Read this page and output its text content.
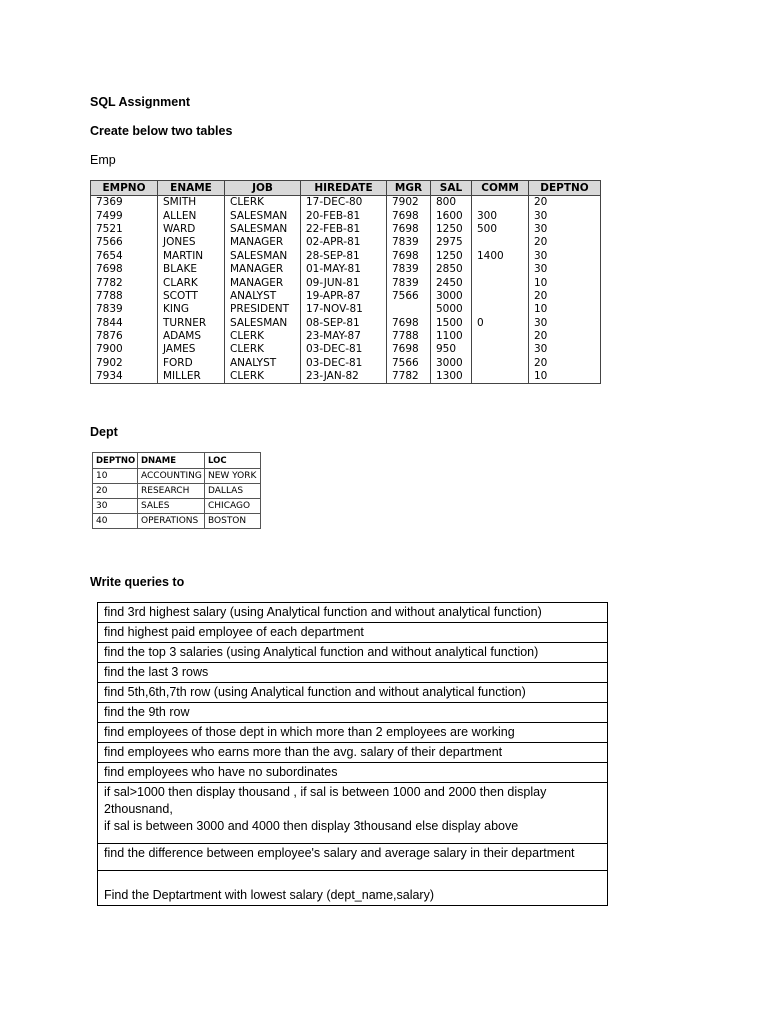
SQL Assignment
Create below two tables
Emp
EMPNO	ENAME	JOB	HIREDATE	MGR	SAL	COMM	DEPTNO
7369	SMITH	CLERK	17-DEC-80	7902	800		20
7499	ALLEN	SALESMAN	20-FEB-81	7698	1600	300	30
7521	WARD	SALESMAN	22-FEB-81	7698	1250	500	30
7566	JONES	MANAGER	02-APR-81	7839	2975		20
7654	MARTIN	SALESMAN	28-SEP-81	7698	1250	1400	30
7698	BLAKE	MANAGER	01-MAY-81	7839	2850		30
7782	CLARK	MANAGER	09-JUN-81	7839	2450		10
7788	SCOTT	ANALYST	19-APR-87	7566	3000		20
7839	KING	PRESIDENT	17-NOV-81		5000		10
7844	TURNER	SALESMAN	08-SEP-81	7698	1500	0	30
7876	ADAMS	CLERK	23-MAY-87	7788	1100		20
7900	JAMES	CLERK	03-DEC-81	7698	950		30
7902	FORD	ANALYST	03-DEC-81	7566	3000		20
7934	MILLER	CLERK	23-JAN-82	7782	1300		10
Dept
DEPTNO	DNAME	LOC
10	ACCOUNTING	NEW YORK
20	RESEARCH	DALLAS
30	SALES	CHICAGO
40	OPERATIONS	BOSTON
Write queries to
find 3rd highest salary (using Analytical function and without analytical function)
find highest paid employee of each department
find the top 3 salaries (using Analytical function and without analytical function)
find the last 3 rows
find 5th,6th,7th row (using Analytical function and without analytical function)
find the 9th row
find employees of those dept in which more than 2 employees are working
find employees who earns more than the avg. salary of their department
find employees who have no subordinates

if sal>1000 then display thousand , if sal is between 1000 and 2000 then display
2thousnand,
if sal is between 3000 and 4000 then display 3thousand else display above

find the difference between employee's salary and average salary in their department
Find the Deptartment with lowest salary (dept_name,salary)
